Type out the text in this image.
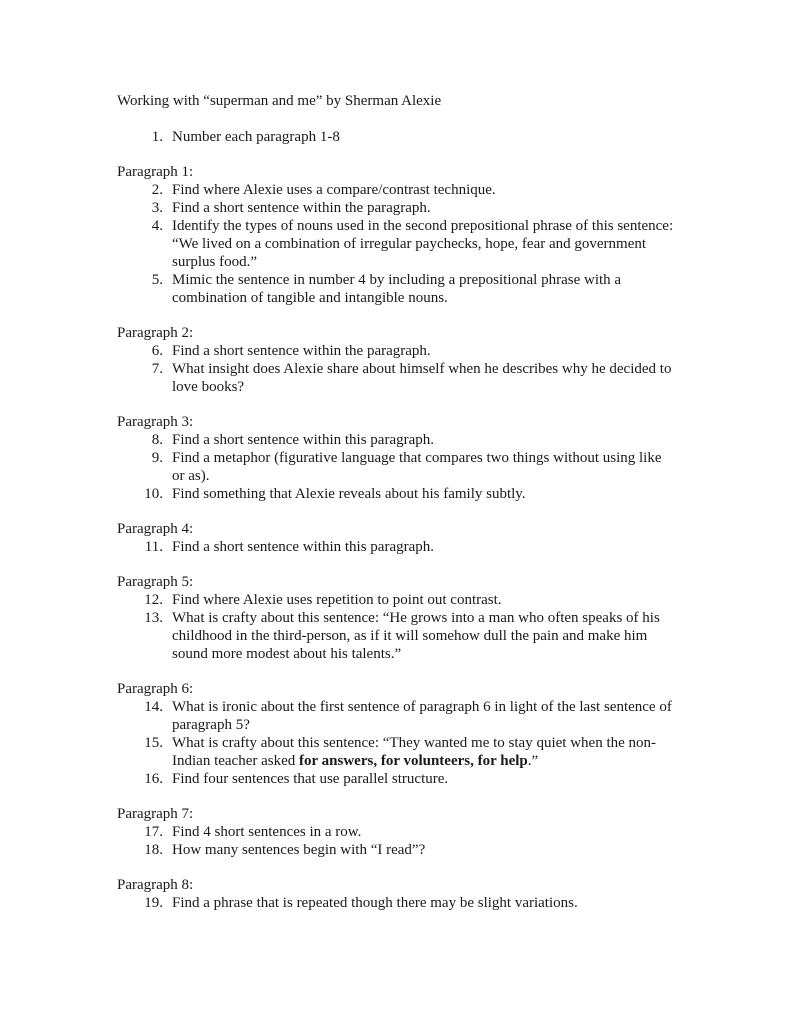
Working with “superman and me” by Sherman Alexie
1. Number each paragraph 1-8
Paragraph 1:
2. Find where Alexie uses a compare/contrast technique.
3. Find a short sentence within the paragraph.
4. Identify the types of nouns used in the second prepositional phrase of this sentence: “We lived on a combination of irregular paychecks, hope, fear and government surplus food.”
5. Mimic the sentence in number 4 by including a prepositional phrase with a combination of tangible and intangible nouns.
Paragraph 2:
6. Find a short sentence within the paragraph.
7. What insight does Alexie share about himself when he describes why he decided to love books?
Paragraph 3:
8. Find a short sentence within this paragraph.
9. Find a metaphor (figurative language that compares two things without using like or as).
10. Find something that Alexie reveals about his family subtly.
Paragraph 4:
11. Find a short sentence within this paragraph.
Paragraph 5:
12. Find where Alexie uses repetition to point out contrast.
13. What is crafty about this sentence: “He grows into a man who often speaks of his childhood in the third-person, as if it will somehow dull the pain and make him sound more modest about his talents.”
Paragraph 6:
14. What is ironic about the first sentence of paragraph 6 in light of the last sentence of paragraph 5?
15. What is crafty about this sentence: “They wanted me to stay quiet when the non-Indian teacher asked for answers, for volunteers, for help.”
16. Find four sentences that use parallel structure.
Paragraph 7:
17. Find 4 short sentences in a row.
18. How many sentences begin with “I read”?
Paragraph 8:
19. Find a phrase that is repeated though there may be slight variations.
